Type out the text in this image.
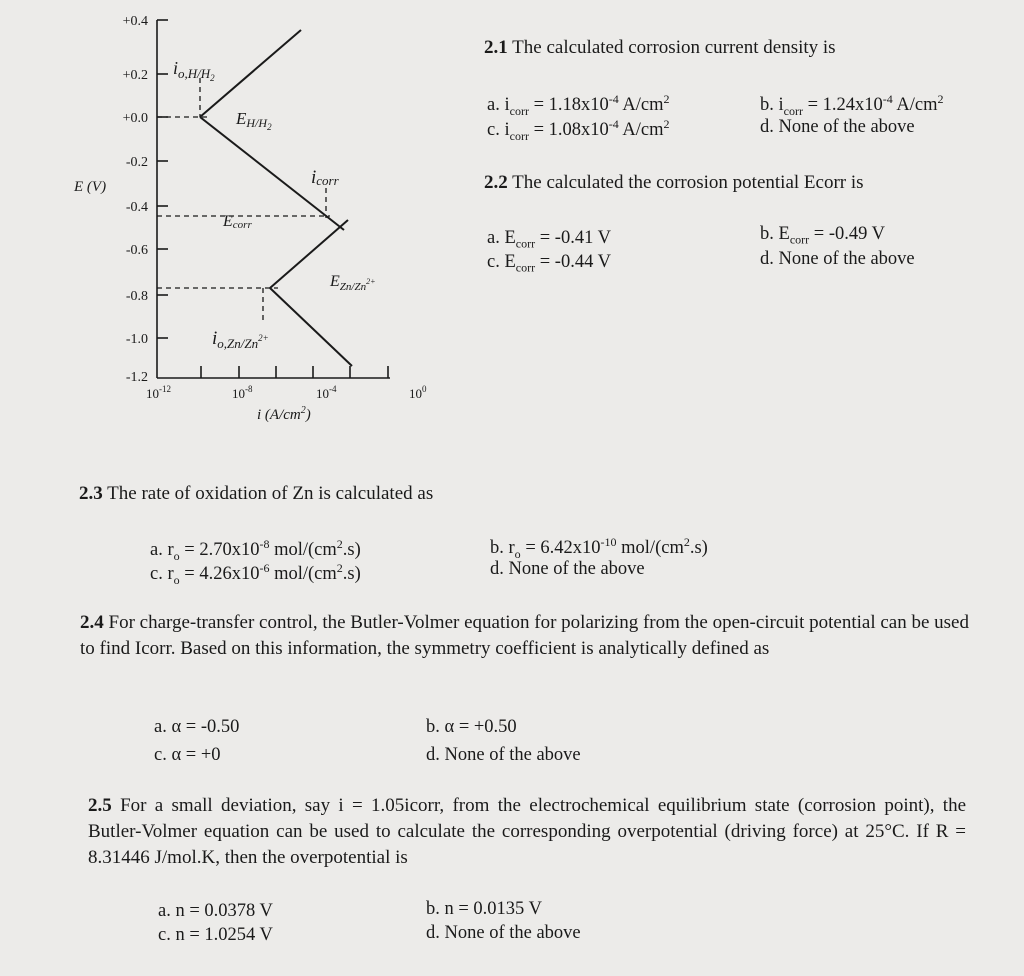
+0.4
+0.2
+0.0
-0.2
-0.4
-0.6
-0.8
-1.0
-1.2
E (V)
$10^{-12}$	$10^{-8}$	$10^{-4}$	$10^0$
i $(A/cm^2)$
$i_{o,H/H}2$
EH/H2
icorr
Ecorr
$E_{Zn/Zn}^{2+}$
$i_{o,Zn/Zn}^{2+}$
2.1 The calculated corrosion current density is
a. $i_{corr} = 1.18x10^{-4}$ $A/cm^2$	b. $i_{corr} = 1.24x10^{-4}$ $A/cm^2$
c. $i_{corr} = 1.08x10^{-4}$ $A/cm^2$	d. None of the above
2.2 The calculated the corrosion potential Ecorr is
a. $E_{corr} = -0.41$ V	b. $E_{corr} = -0.49$ V
c. $E_{corr} = -0.44$ V	d. None of the above
2.3 The rate of oxidation of Zn is calculated as
a. $r_o = 2.70x10^{-8}$ mol/$(cm^2.s)$	b. $r_o = 6.42x10^{-10}$ mol/$(cm^2.s)$
c. $r_o = 4.26x10^{-6}$ mol/$(cm^2.s)$	d. None of the above
2.4 For charge-transfer control, the Butler-Volmer equation for polarizing from the open-circuit potential can be used to find Icorr. Based on this information, the symmetry coefficient is analytically defined as
a. α = -0.50	b. α = +0.50
c. α = +0	d. None of the above
2.5 For a small deviation, say i = 1.05icorr, from the electrochemical equilibrium state (corrosion point), the Butler-Volmer equation can be used to calculate the corresponding overpotential (driving force) at 25°C. If R = 8.31446 J/mol.K, then the overpotential is
a. n = 0.0378 V	b. n = 0.0135 V
c. n = 1.0254 V	d. None of the above
